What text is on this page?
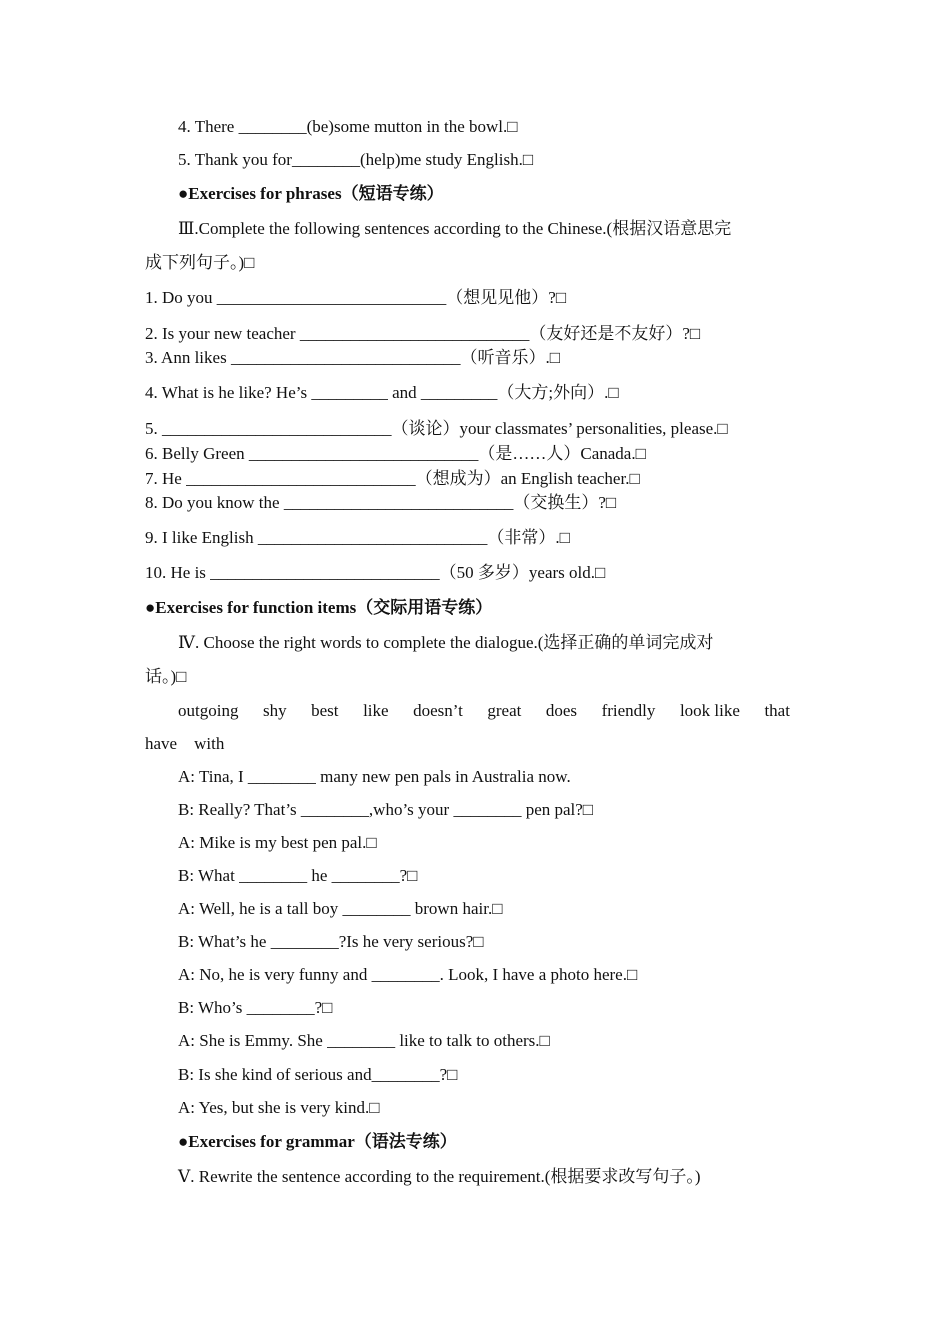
4. There ________(be)some mutton in the bowl.□
5. Thank you for________(help)me study English.□
●Exercises for phrases（短语专练）
Ⅲ.Complete the following sentences according to the Chinese.(根据汉语意思完
成下列句子。)□
1. Do you ___________________________（想见见他）?□
2. Is your new teacher ___________________________（友好还是不友好）?□
3. Ann likes ___________________________（听音乐）.□
4. What is he like? He’s _________ and _________（大方;外向）.□
5. ___________________________（谈论）your classmates’ personalities, please.□
6. Belly Green ___________________________（是……人）Canada.□
7. He ___________________________（想成为）an English teacher.□
8. Do you know the ___________________________（交换生）?□
9. I like English ___________________________（非常）.□
10. He is ___________________________（50 多岁）years old.□
●Exercises for function items（交际用语专练）
Ⅳ. Choose the right words to complete the dialogue.(选择正确的单词完成对
话。)□
outgoing shy best like doesn’t great does friendly look like that
have    with
A: Tina, I ________ many new pen pals in Australia now.
B: Really? That’s ________,who’s your ________ pen pal?□
A: Mike is my best pen pal.□
B: What ________ he ________?□
A: Well, he is a tall boy ________ brown hair.□
B: What’s he ________?Is he very serious?□
A: No, he is very funny and ________. Look, I have a photo here.□
B: Who’s ________?□
A: She is Emmy. She ________ like to talk to others.□
B: Is she kind of serious and________?□
A: Yes, but she is very kind.□
●Exercises for grammar（语法专练）
Ⅴ. Rewrite the sentence according to the requirement.(根据要求改写句子。)
